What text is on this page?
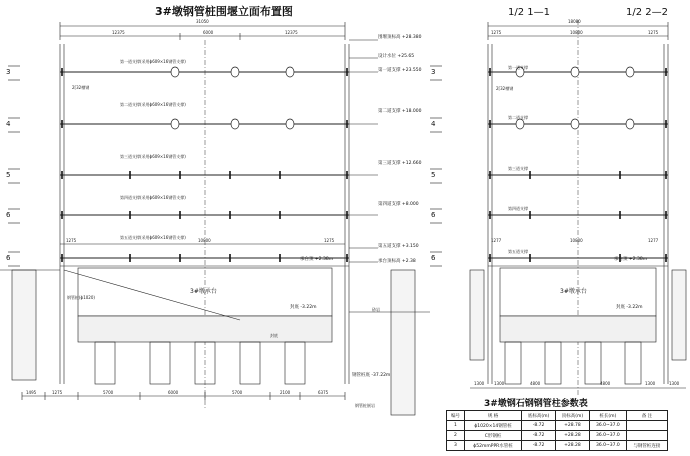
3#墩钢管桩围堰立面布置图	1/2 1—1	1/2 2—2
31050
12375	6000	12375
1275	10800	1275
1495	1275	5700	6000	5700	2100	6375
3
4
5
6
6
3
4
5
6
6
第一道支撑(采用ϕ609×16钢管支撑)
2[32槽钢
第二道支撑(采用ϕ609×16钢管支撑)
第三道支撑(采用ϕ609×16钢管支撑)
第四道支撑(采用ϕ609×16钢管支撑)
第五道支撑(采用ϕ609×16钢管支撑)
围堰顶标高 +28.380
设计水位 +25.65
第一道支撑 +23.550
第二道支撑 +18.000
第三道支撑 +12.660
第四道支撑 +8.000
第五道支撑 +3.150
承台顶标高 +2.38
承台顶 +2.38m
封底 -3.22m
钢管桩底 -37.22m
3#墩承台
封底
砂岩
钢管桩嵌岩
钢管桩(ϕ1020)
18080
1275	10800	1275
1277	10800	1277
1300 1300	4800	4800	1300	1300
第一道支撑
2[32槽钢
第二道支撑
第三道支撑
第四道支撑
第五道支撑
3#墩承台
承台顶 +2.38m
封底 -3.22m
3#墩钢石钢钢管柱参数表
编号	规 格	底标高(m)	顶标高(m)	桩长(m)	备 注
1	ϕ1020×14钢管桩	-8.72	+28.78	36.0~37.0	
2	C形钢桩	-8.72	+28.28	36.0~37.0	
3	ϕ52mmPPR水管桩	-8.72	+28.28	36.0~37.0	与钢管桩连接
